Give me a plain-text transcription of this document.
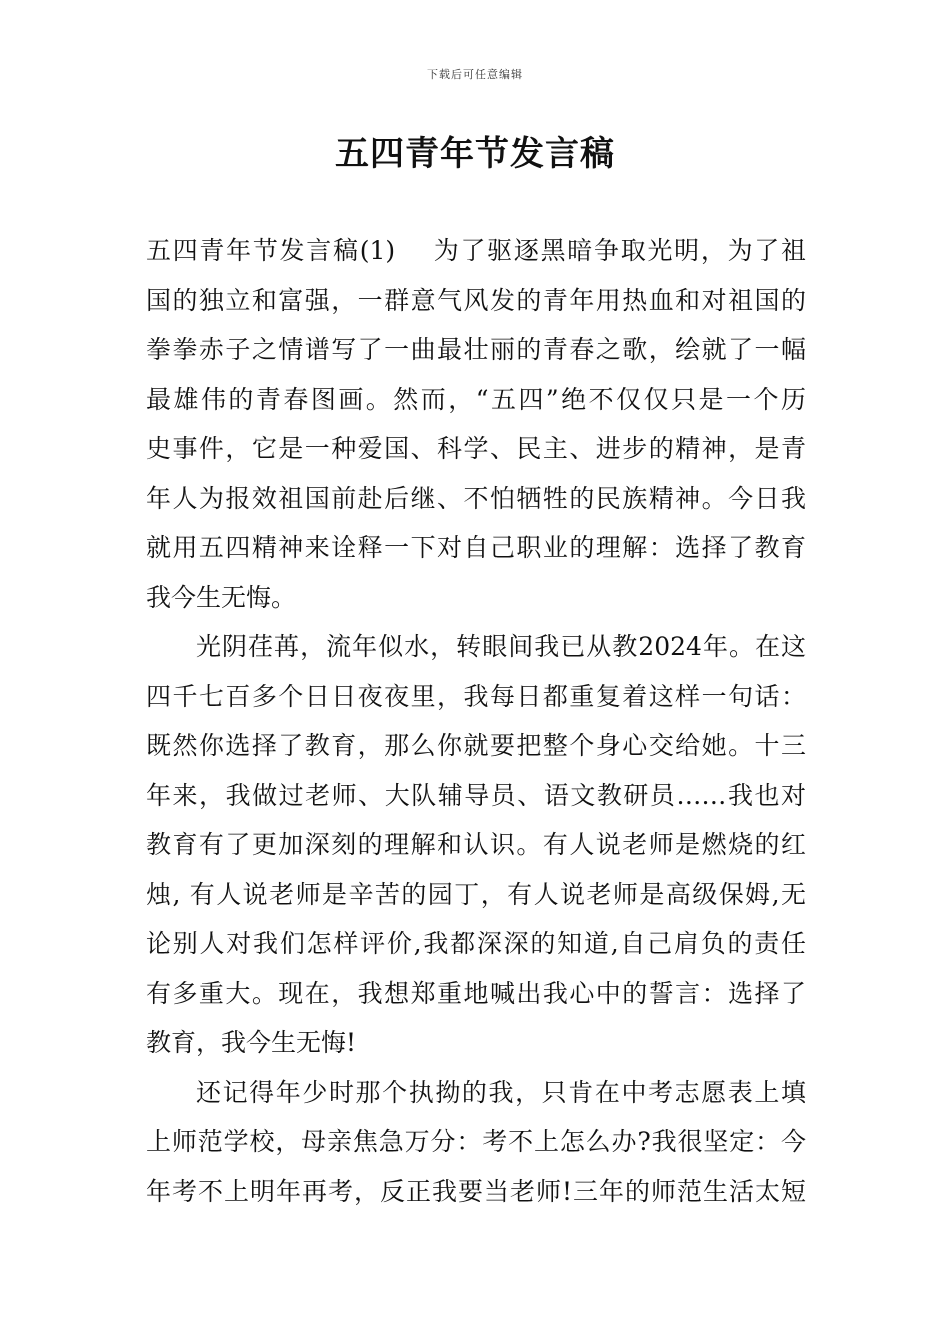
下载后可任意编辑
五四青年节发言稿
五四青年节发言稿(1)    为了驱逐黑暗争取光明，为了祖
国的独立和富强，一群意气风发的青年用热血和对祖国的
拳拳赤子之情谱写了一曲最壮丽的青春之歌，绘就了一幅
最雄伟的青春图画。然而，“五四”绝不仅仅只是一个历
史事件，它是一种爱国、科学、民主、进步的精神，是青
年人为报效祖国前赴后继、不怕牺牲的民族精神。今日我
就用五四精神来诠释一下对自己职业的理解：选择了教育
我今生无悔。
光阴荏苒，流年似水，转眼间我已从教2024年。在这
四千七百多个日日夜夜里，我每日都重复着这样一句话：
既然你选择了教育，那么你就要把整个身心交给她。十三
年来，我做过老师、大队辅导员、语文教研员……我也对
教育有了更加深刻的理解和认识。有人说老师是燃烧的红
烛, 有人说老师是辛苦的园丁，有人说老师是高级保姆,无
论别人对我们怎样评价,我都深深的知道,自己肩负的责任
有多重大。现在，我想郑重地喊出我心中的誓言：选择了
教育，我今生无悔!
还记得年少时那个执拗的我，只肯在中考志愿表上填
上师范学校，母亲焦急万分：考不上怎么办?我很坚定：今
年考不上明年再考，反正我要当老师!三年的师范生活太短
